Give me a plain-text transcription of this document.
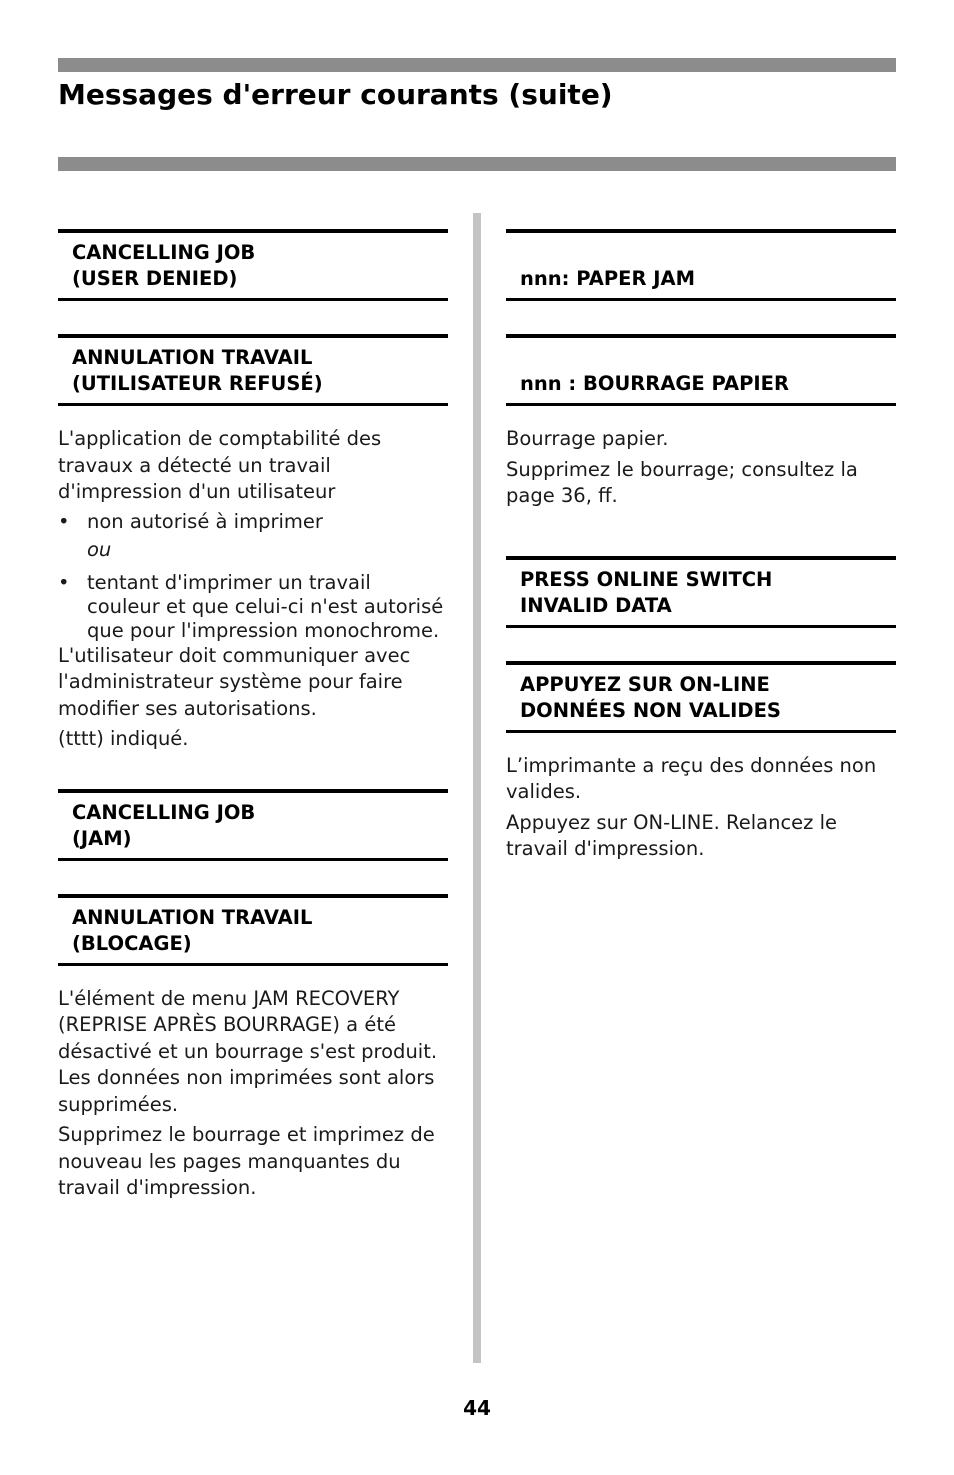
Messages d'erreur courants (suite)
CANCELLING JOB
(USER DENIED)
ANNULATION TRAVAIL
(UTILISATEUR REFUSÉ)

L'application de comptabilité des travaux a détecté un travail d'impression d'un utilisateur

• non autorisé à imprimer
ou
• tentant d'imprimer un travail couleur et que celui-ci n'est autorisé que pour l'impression monochrome.

L'utilisateur doit communiquer avec l'administrateur système pour faire modifier ses autorisations.

(tttt) indiqué.

CANCELLING JOB
(JAM)
ANNULATION TRAVAIL
(BLOCAGE)

L'élément de menu JAM RECOVERY (REPRISE APRÈS BOURRAGE) a été désactivé et un bourrage s'est produit. Les données non imprimées sont alors supprimées.

Supprimez le bourrage et imprimez de nouveau les pages manquantes du travail d'impression.

nnn: PAPER JAM
nnn : BOURRAGE PAPIER

Bourrage papier.

Supprimez le bourrage; consultez la page 36, ff.

PRESS ONLINE SWITCH
INVALID DATA
APPUYEZ SUR ON-LINE
DONNÉES NON VALIDES

L’imprimante a reçu des données non valides.

Appuyez sur ON-LINE. Relancez le travail d'impression.

44
